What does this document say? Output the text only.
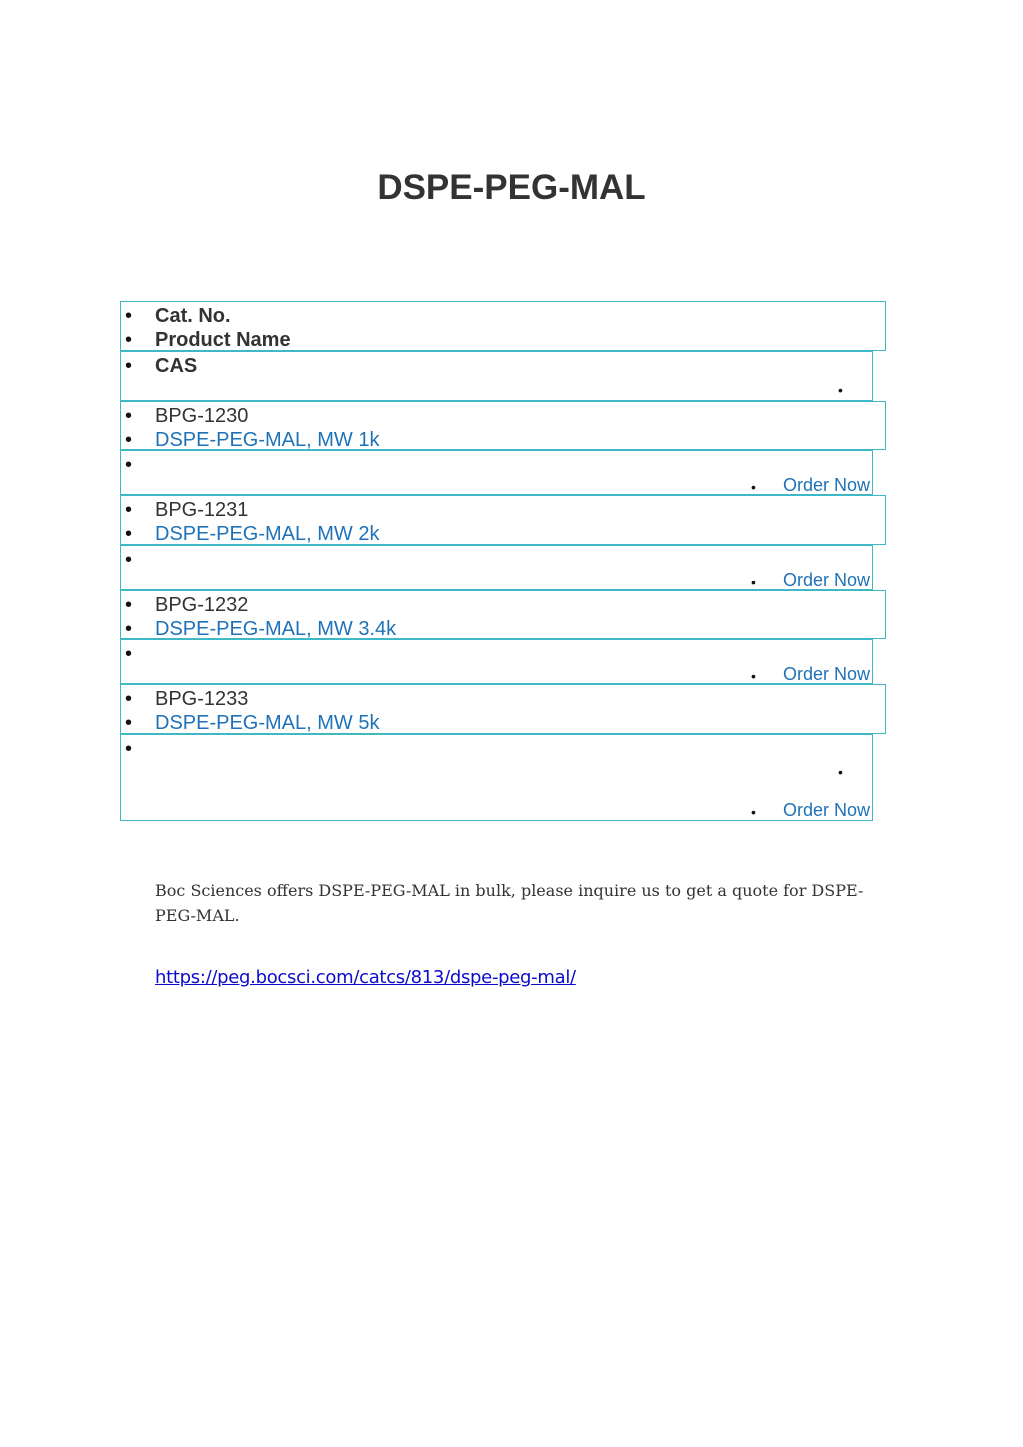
DSPE-PEG-MAL
• Cat. No.
• Product Name
• CAS
•
• BPG-1230
• DSPE-PEG-MAL, MW 1k
•
• Order Now
• BPG-1231
• DSPE-PEG-MAL, MW 2k
•
• Order Now
• BPG-1232
• DSPE-PEG-MAL, MW 3.4k
•
• Order Now
• BPG-1233
• DSPE-PEG-MAL, MW 5k
•
•
• Order Now

Boc Sciences offers DSPE-PEG-MAL in bulk, please inquire us to get a quote for DSPE-PEG-MAL.

https://peg.bocsci.com/catcs/813/dspe-peg-mal/
